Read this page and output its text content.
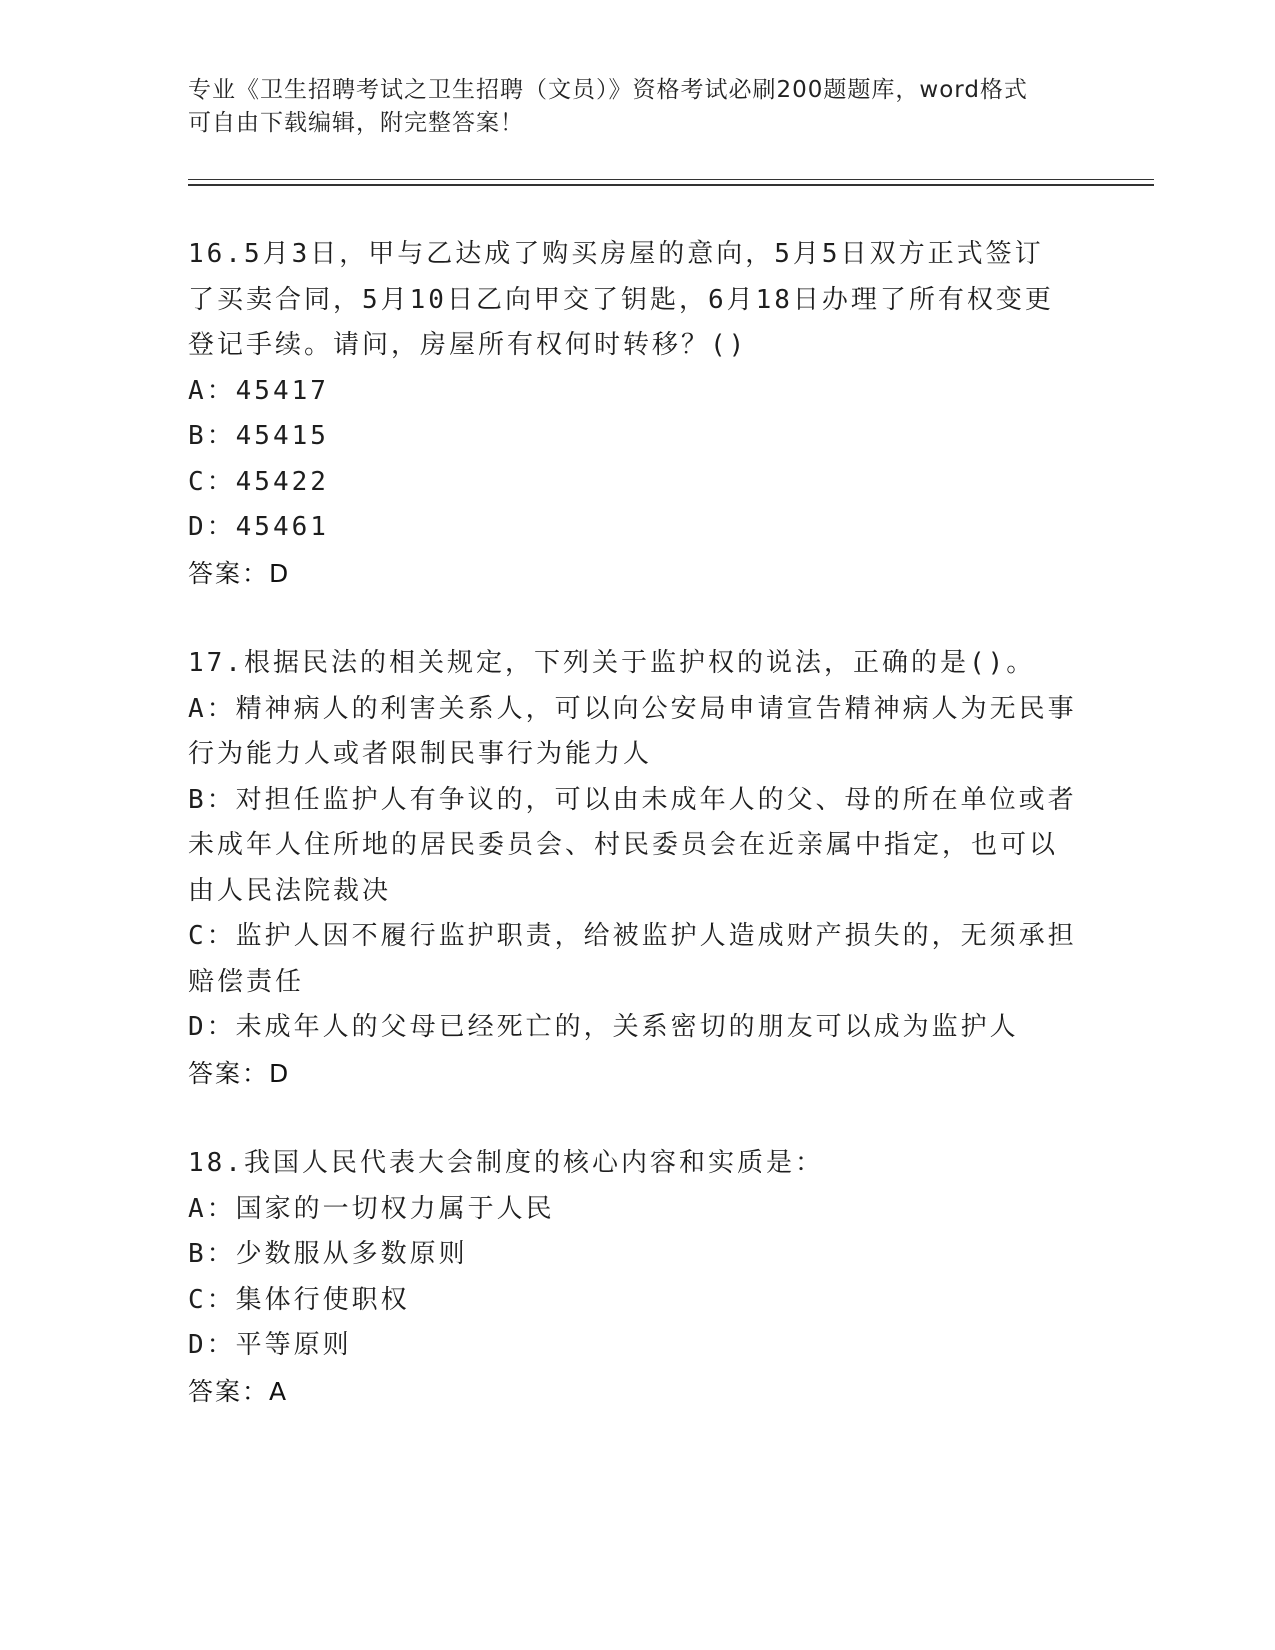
专业《卫生招聘考试之卫生招聘（文员）》资格考试必刷200题题库，word格式
可自由下载编辑，附完整答案！
16.5月3日，甲与乙达成了购买房屋的意向，5月5日双方正式签订
了买卖合同，5月10日乙向甲交了钥匙，6月18日办理了所有权变更
登记手续。请问，房屋所有权何时转移？()
A：45417
B：45415
C：45422
D：45461
答案：D
17.根据民法的相关规定，下列关于监护权的说法，正确的是()。
A：精神病人的利害关系人，可以向公安局申请宣告精神病人为无民事
行为能力人或者限制民事行为能力人
B：对担任监护人有争议的，可以由未成年人的父、母的所在单位或者
未成年人住所地的居民委员会、村民委员会在近亲属中指定，也可以
由人民法院裁决
C：监护人因不履行监护职责，给被监护人造成财产损失的，无须承担
赔偿责任
D：未成年人的父母已经死亡的，关系密切的朋友可以成为监护人
答案：D
18.我国人民代表大会制度的核心内容和实质是：
A：国家的一切权力属于人民
B：少数服从多数原则
C：集体行使职权
D：平等原则
答案：A
